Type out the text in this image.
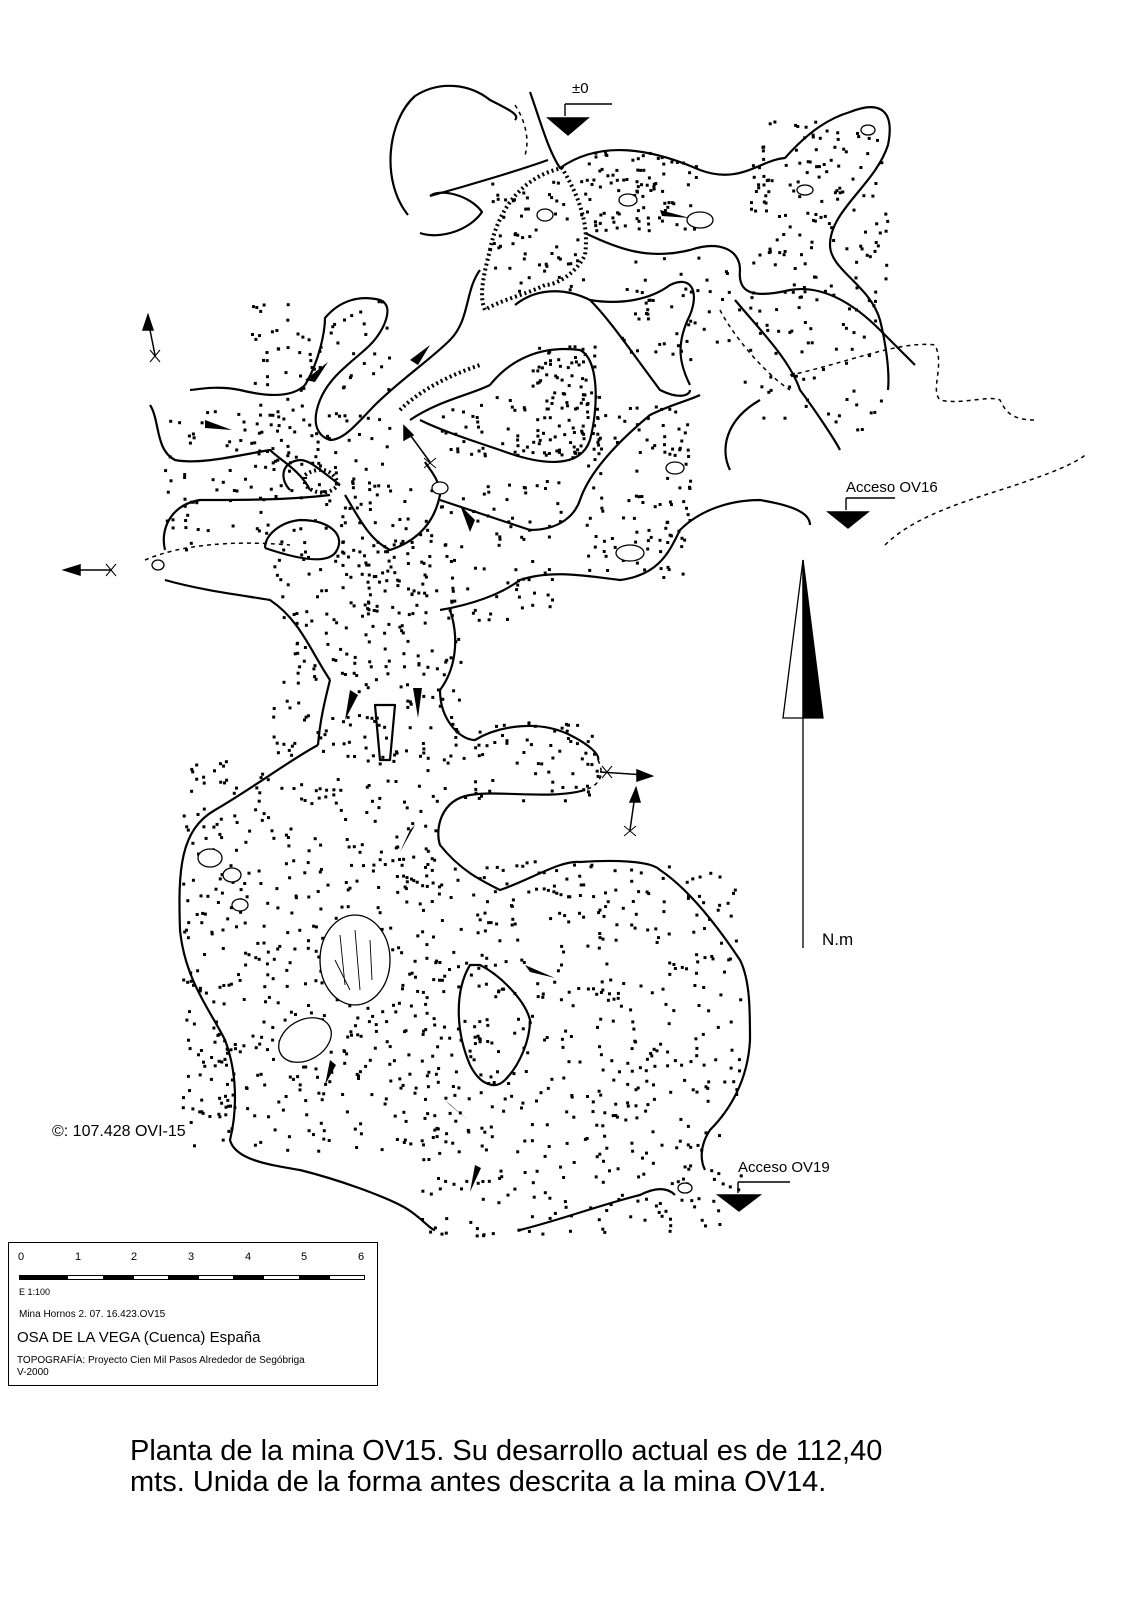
±0
Acceso OV16
Acceso OV19
N.m
©: 107.428 OVI-15
0	1	2	3	4	5	6
E 1:100
Mina Hornos 2. 07. 16.423.OV15
OSA DE LA VEGA (Cuenca) España
TOPOGRAFÍA: Proyecto Cien Mil Pasos Alrededor de Segóbriga
V-2000
Planta de la mina OV15. Su desarrollo actual es de 112,40 mts. Unida de la forma antes descrita a la mina OV14.
